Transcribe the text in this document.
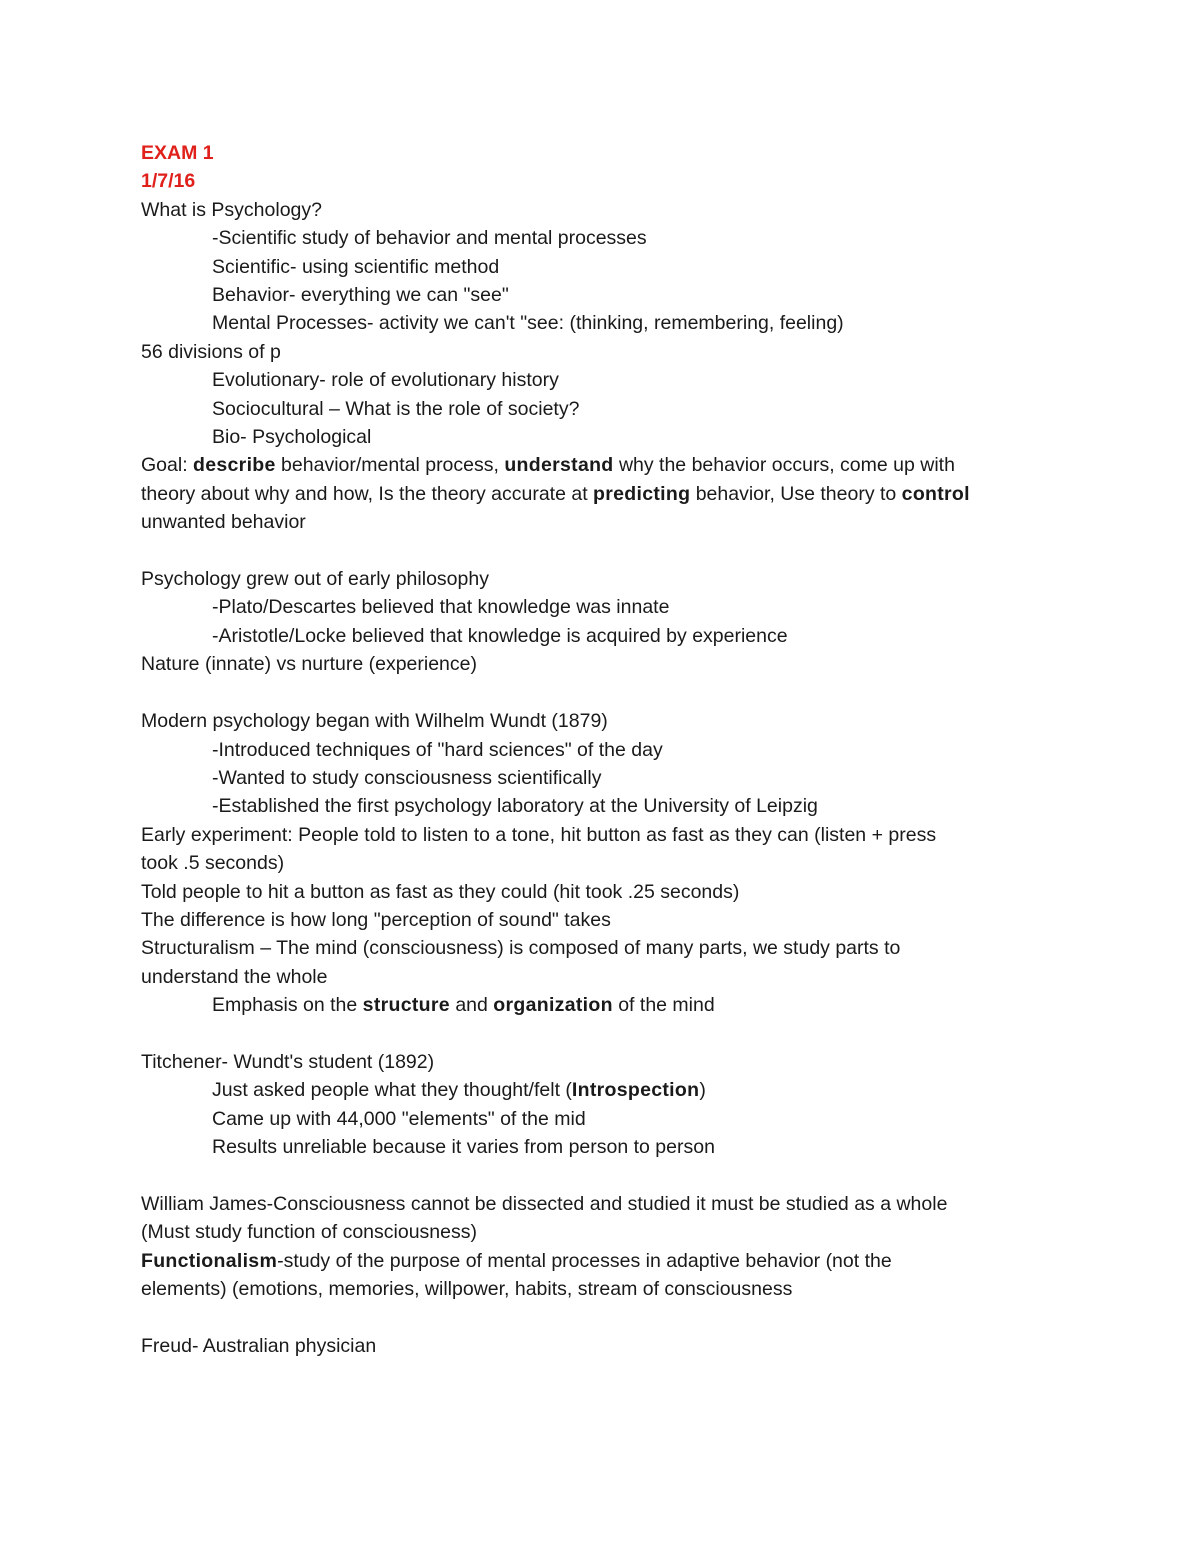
EXAM 1
1/7/16
What is Psychology?
-Scientific study of behavior and mental processes
Scientific- using scientific method
Behavior- everything we can "see"
Mental Processes- activity we can't "see: (thinking, remembering, feeling)
56 divisions of p
Evolutionary- role of evolutionary history
Sociocultural – What is the role of society?
Bio- Psychological
Goal: describe behavior/mental process, understand why the behavior occurs, come up with
theory about why and how, Is the theory accurate at predicting behavior, Use theory to control
unwanted behavior
Psychology grew out of early philosophy
-Plato/Descartes believed that knowledge was innate
-Aristotle/Locke believed that knowledge is acquired by experience
Nature (innate) vs nurture (experience)
Modern psychology began with Wilhelm Wundt (1879)
-Introduced techniques of "hard sciences" of the day
-Wanted to study consciousness scientifically
-Established the first psychology laboratory at the University of Leipzig
Early experiment: People told to listen to a tone, hit button as fast as they can (listen + press
took .5 seconds)
Told people to hit a button as fast as they could (hit took .25 seconds)
The difference is how long "perception of sound" takes
Structuralism – The mind (consciousness) is composed of many parts, we study parts to
understand the whole
Emphasis on the structure and organization of the mind
Titchener- Wundt's student (1892)
Just asked people what they thought/felt (Introspection)
Came up with 44,000 "elements" of the mid
Results unreliable because it varies from person to person
William James-Consciousness cannot be dissected and studied it must be studied as a whole
(Must study function of consciousness)
Functionalism-study of the purpose of mental processes in adaptive behavior (not the
elements) (emotions, memories, willpower, habits, stream of consciousness
Freud- Australian physician
